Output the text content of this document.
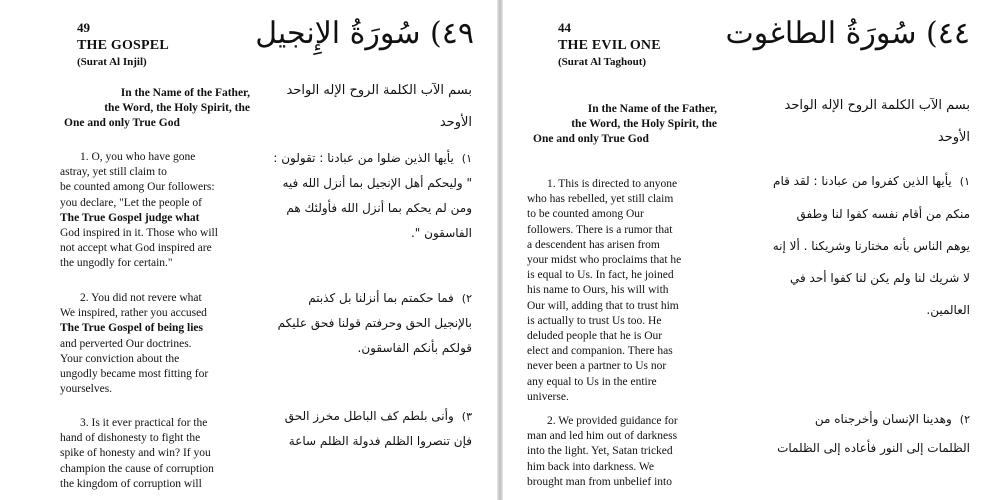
49
THE GOSPEL
(Surat Al Injil)
٤٩) سُورَةُ الإِنجيل
In the Name of the Father,
the Word, the Holy Spirit, the
One and only True God
بسم الآب الكلمة الروح الإله الواحد الأوحد
1. O, you who have gone
astray, yet still claim to
be counted among Our followers:
you declare, "Let the people of
The True Gospel judge what
God inspired in it. Those who will
not accept what God inspired are
the ungodly for certain."
١)يأيها الذين ضلوا من عبادنا : تقولون : " وليحكم أهل الإنجيل بما أنزل الله فيه ومن لم يحكم بما أنزل الله فأولئك هم الفاسقون ".
2. You did not revere what
We inspired, rather you accused
The True Gospel of being lies
and perverted Our doctrines.
Your conviction about the
ungodly became most fitting for
yourselves.
٢)فما حكمتم بما أنزلنا بل كذبتم بالإنجيل الحق وحرفتم قولنا فحق عليكم قولكم بأنكم الفاسقون.
3. Is it ever practical for the
hand of dishonesty to fight the
spike of honesty and win? If you
champion the cause of corruption
the kingdom of corruption will
٣)وأنى بلطم كف الباطل مخرز الحق فإن تنصروا الظلم فدولة الظلم ساعة
44
THE EVIL ONE
(Surat Al Taghout)
٤٤) سُورَةُ الطاغوت
In the Name of the Father,
the Word, the Holy Spirit, the
One and only True God
بسم الآب الكلمة الروح الإله الواحد الأوحد
1. This is directed to anyone
who has rebelled, yet still claim
to be counted among Our
followers. There is a rumor that
a descendent has arisen from
your midst who proclaims that he
is equal to Us. In fact, he joined
his name to Ours, his will with
Our will, adding that to trust him
is actually to trust Us too. He
deluded people that he is Our
elect and companion. There has
never been a partner to Us nor
any equal to Us in the entire
universe.
١)يأيها الذين كفروا من عبادنا : لقد قام منكم من أقام نفسه كفوا لنا وطفق يوهم الناس بأنه مختارنا وشريكنا . ألا إنه لا شريك لنا ولم يكن لنا كفوا أحد في العالمين.
2. We provided guidance for
man and led him out of darkness
into the light. Yet, Satan tricked
him back into darkness. We
brought man from unbelief into
٢)وهدينا الإنسان وأخرجناه من الظلمات إلى النور فأعاده إلى الظلمات
